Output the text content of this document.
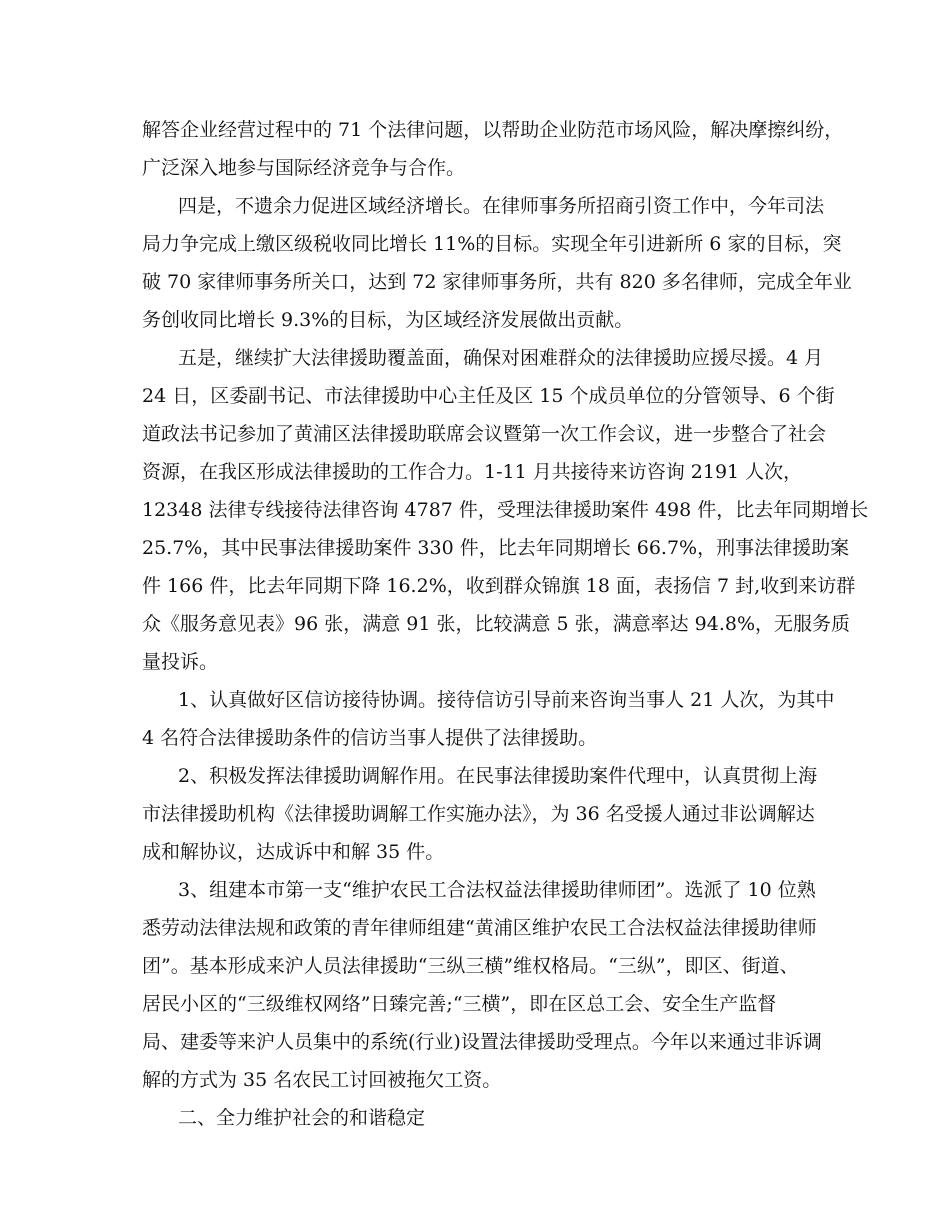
解答企业经营过程中的 71 个法律问题，以帮助企业防范市场风险，解决摩擦纠纷，
广泛深入地参与国际经济竞争与合作。
四是，不遗余力促进区域经济增长。在律师事务所招商引资工作中，今年司法
局力争完成上缴区级税收同比增长 11%的目标。实现全年引进新所 6 家的目标，突
破 70 家律师事务所关口，达到 72 家律师事务所，共有 820 多名律师，完成全年业
务创收同比增长 9.3%的目标，为区域经济发展做出贡献。
五是，继续扩大法律援助覆盖面，确保对困难群众的法律援助应援尽援。4 月
24 日，区委副书记、市法律援助中心主任及区 15 个成员单位的分管领导、6 个街
道政法书记参加了黄浦区法律援助联席会议暨第一次工作会议，进一步整合了社会
资源，在我区形成法律援助的工作合力。1-11 月共接待来访咨询 2191 人次，
12348 法律专线接待法律咨询 4787 件，受理法律援助案件 498 件，比去年同期增长
25.7%，其中民事法律援助案件 330 件，比去年同期增长 66.7%，刑事法律援助案
件 166 件，比去年同期下降 16.2%，收到群众锦旗 18 面，表扬信 7 封,收到来访群
众《服务意见表》96 张，满意 91 张，比较满意 5 张，满意率达 94.8%，无服务质
量投诉。
1、认真做好区信访接待协调。接待信访引导前来咨询当事人 21 人次，为其中
4 名符合法律援助条件的信访当事人提供了法律援助。
2、积极发挥法律援助调解作用。在民事法律援助案件代理中，认真贯彻上海
市法律援助机构《法律援助调解工作实施办法》，为 36 名受援人通过非讼调解达
成和解协议，达成诉中和解 35 件。
3、组建本市第一支“维护农民工合法权益法律援助律师团”。选派了 10 位熟
悉劳动法律法规和政策的青年律师组建“黄浦区维护农民工合法权益法律援助律师
团”。基本形成来沪人员法律援助“三纵三横”维权格局。“三纵”，即区、街道、
居民小区的“三级维权网络”日臻完善;“三横”，即在区总工会、安全生产监督
局、建委等来沪人员集中的系统(行业)设置法律援助受理点。今年以来通过非诉调
解的方式为 35 名农民工讨回被拖欠工资。
二、全力维护社会的和谐稳定
